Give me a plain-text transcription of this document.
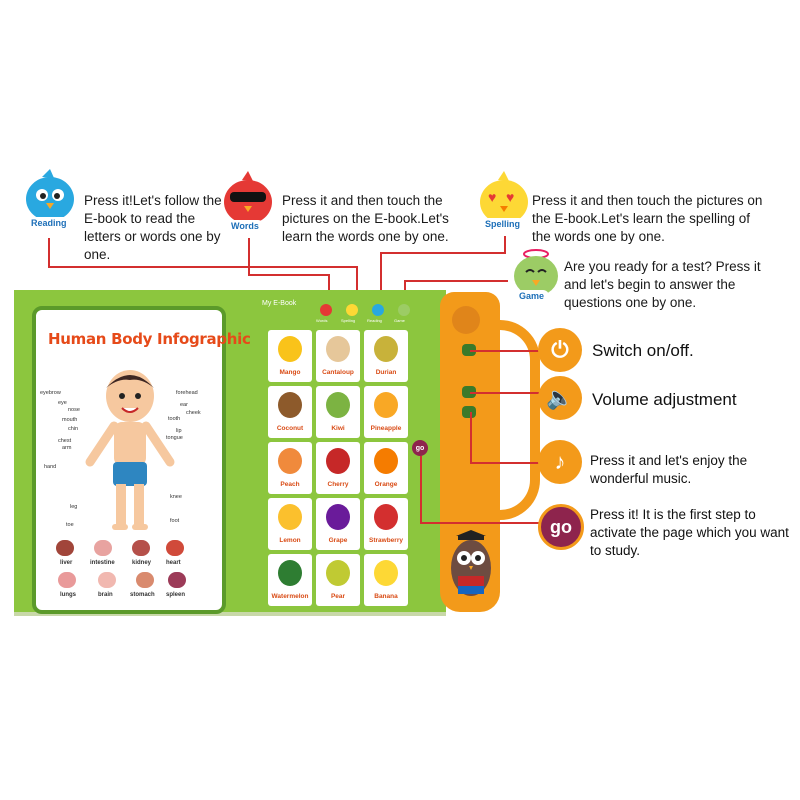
Reading
Press it!Let's follow the E-book to read the letters or words one by one.
Words
Press it and then touch the pictures on the E-book.Let's learn the words one by one.
♥ ♥
Spelling
Press it and then touch the pictures on the E-book.Let's learn the spelling of the words one by one.
Game
Are you ready for a test? Press it and let's begin to answer the questions one by one.
My E-Book
Words	Spelling	Reading	Game
Human Body Infographic
eyebrow
eye
nose
mouth
chin
chest
arm
hand
leg
toe
forehead
ear
cheek
tooth
lip
tongue
knee
foot
liver	intestine	kidney heart
lungs	brain	stomach spleen
Mango	Cantaloup	Durian
Coconut	Kiwi	Pineapple
Peach	Cherry	Orange
Lemon	Grape	Strawberry
Watermelon	Pear	Banana
go
⏻	Switch on/off.
🔈	Volume adjustment
♪	Press it and let's enjoy the wonderful music.
go
Press it! It is the first step to activate the page which you want to study.
